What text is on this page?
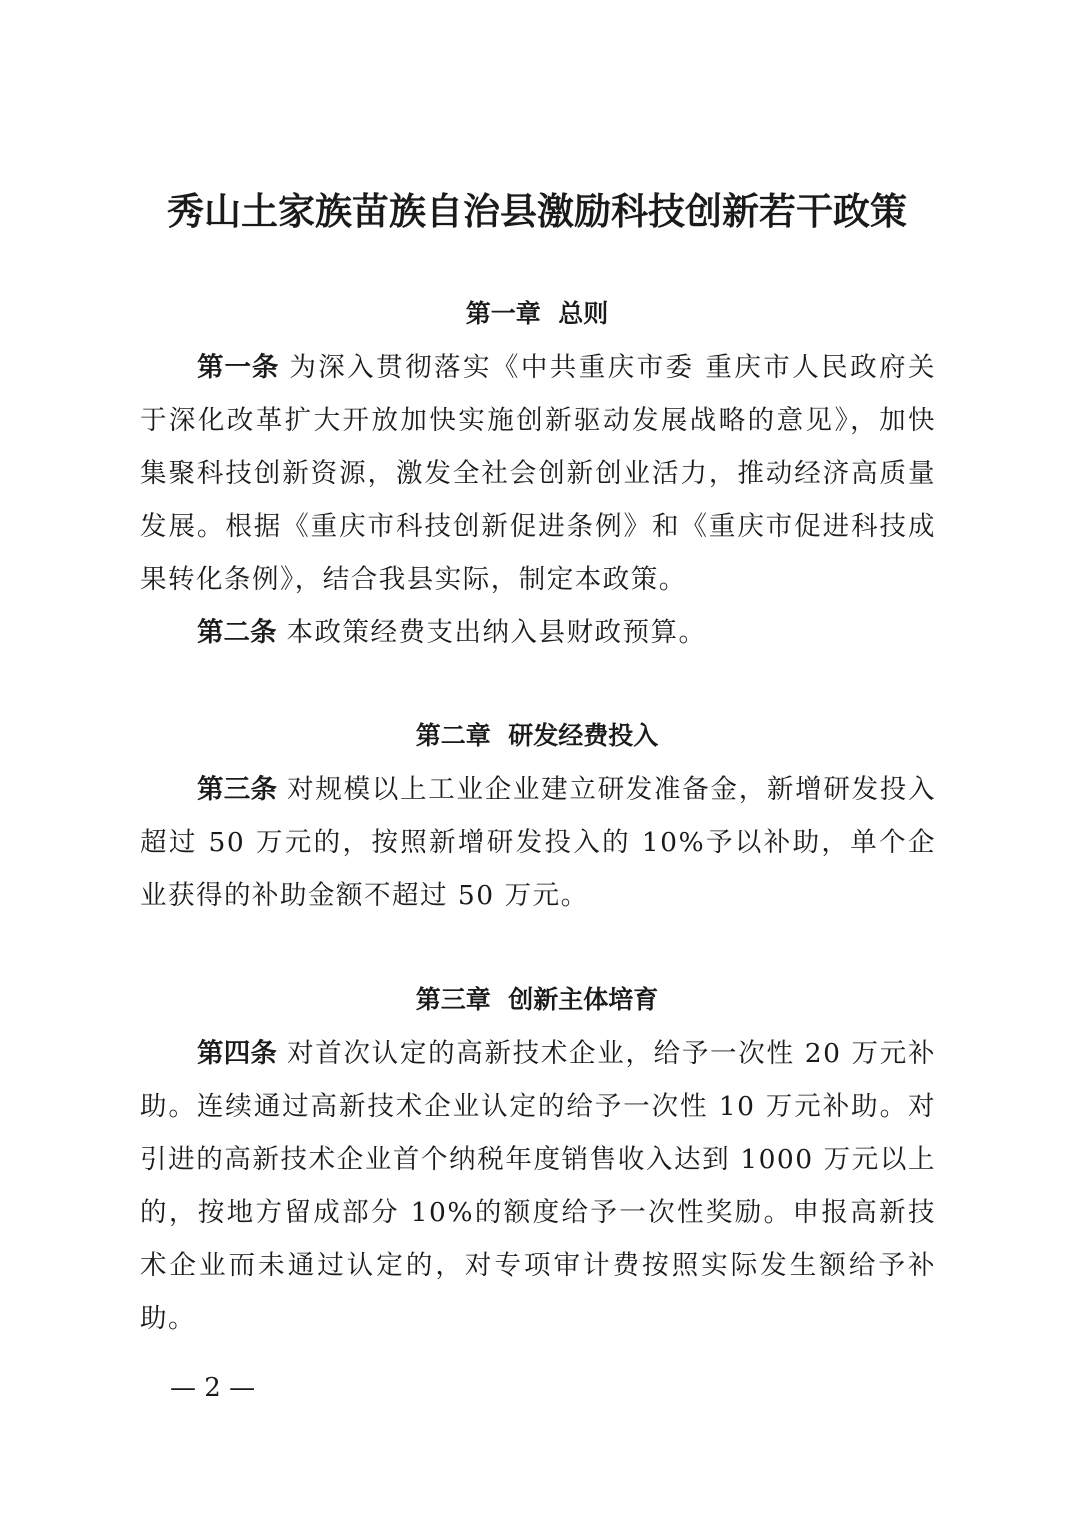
秀山土家族苗族自治县激励科技创新若干政策
第一章  总则

第一条 为深入贯彻落实《中共重庆市委 重庆市人民政府关于深化改革扩大开放加快实施创新驱动发展战略的意见》，加快集聚科技创新资源，激发全社会创新创业活力，推动经济高质量发展。根据《重庆市科技创新促进条例》和《重庆市促进科技成果转化条例》，结合我县实际，制定本政策。

第二条 本政策经费支出纳入县财政预算。

第二章  研发经费投入

第三条 对规模以上工业企业建立研发准备金，新增研发投入超过 50 万元的，按照新增研发投入的 10%予以补助，单个企业获得的补助金额不超过 50 万元。

第三章  创新主体培育

第四条 对首次认定的高新技术企业，给予一次性 20 万元补助。连续通过高新技术企业认定的给予一次性 10 万元补助。对引进的高新技术企业首个纳税年度销售收入达到 1000 万元以上的，按地方留成部分 10%的额度给予一次性奖励。申报高新技术企业而未通过认定的，对专项审计费按照实际发生额给予补助。

— 2 —
